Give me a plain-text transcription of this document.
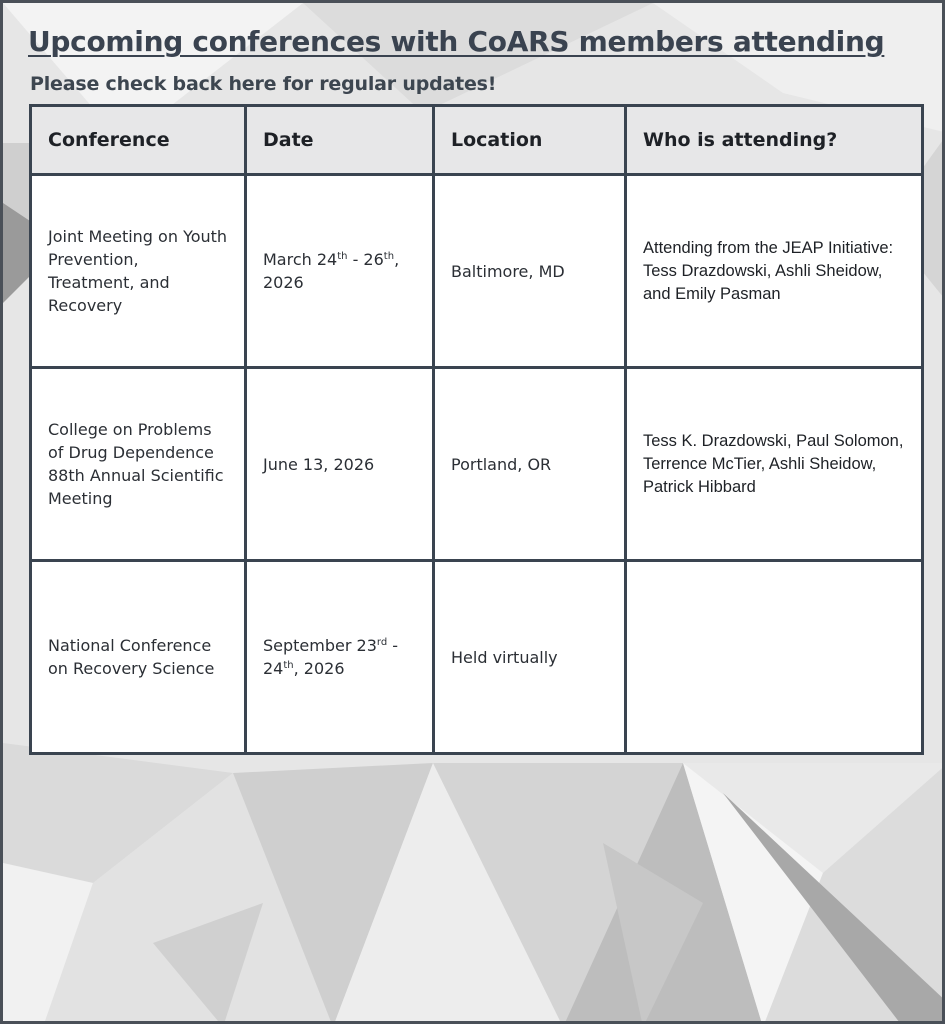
Upcoming conferences with CoARS members attending

Please check back here for regular updates!

Conference	Date	Location	Who is attending?
Joint Meeting on Youth Prevention, Treatment, and Recovery	March 24th - 26th, 2026	Baltimore, MD	Attending from the JEAP Initiative: Tess Drazdowski, Ashli Sheidow, and Emily Pasman
College on Problems of Drug Dependence 88th Annual Scientific Meeting	June 13, 2026	Portland, OR	Tess K. Drazdowski, Paul Solomon, Terrence McTier, Ashli Sheidow, Patrick Hibbard
National Conference on Recovery Science	September 23rd - 24th, 2026	Held virtually	
